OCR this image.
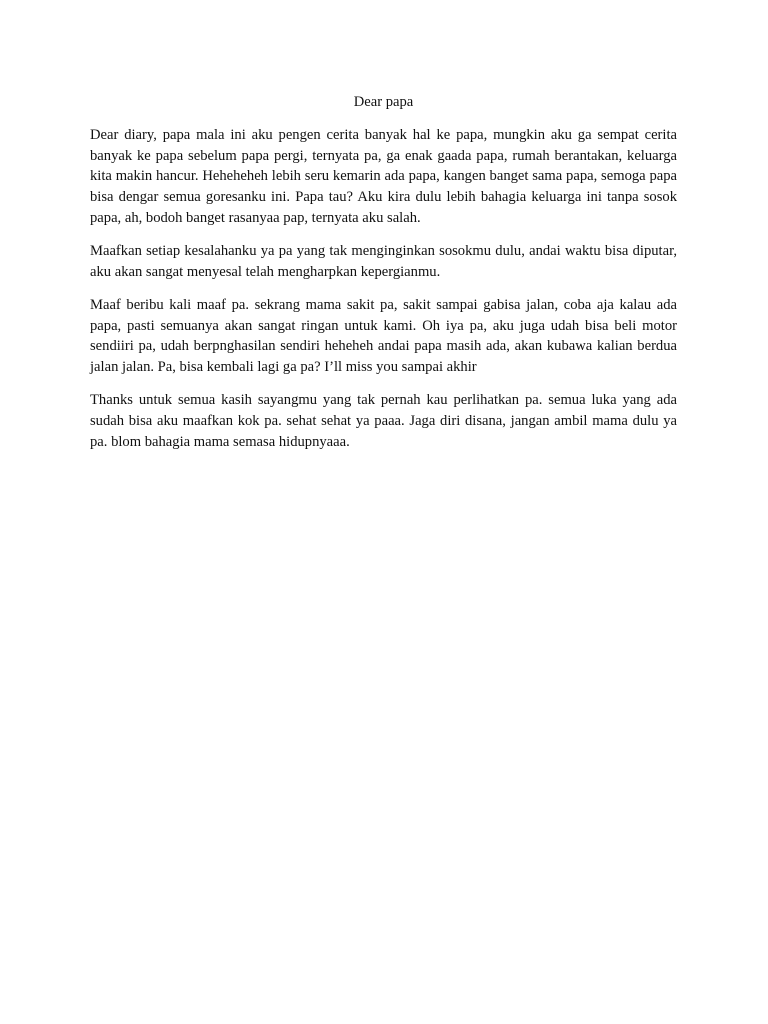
Dear papa

Dear diary, papa mala ini aku pengen cerita banyak hal ke papa, mungkin aku ga sempat cerita banyak ke papa sebelum papa pergi, ternyata pa, ga enak gaada papa, rumah berantakan, keluarga kita makin hancur. Heheheheh lebih seru kemarin ada papa, kangen banget sama papa, semoga papa bisa dengar semua goresanku ini. Papa tau? Aku kira dulu lebih bahagia keluarga ini tanpa sosok papa, ah, bodoh banget rasanyaa pap, ternyata aku salah.

Maafkan setiap kesalahanku ya pa yang tak menginginkan sosokmu dulu, andai waktu bisa diputar, aku akan sangat menyesal telah mengharpkan kepergianmu.

Maaf beribu kali maaf pa. sekrang mama sakit pa, sakit sampai gabisa jalan, coba aja kalau ada papa, pasti semuanya akan sangat ringan untuk kami. Oh iya pa, aku juga udah bisa beli motor sendiiri pa, udah berpnghasilan sendiri heheheh andai papa masih ada, akan kubawa kalian berdua jalan jalan. Pa, bisa kembali lagi ga pa? I’ll miss you sampai akhir

Thanks untuk semua kasih sayangmu yang tak pernah kau perlihatkan pa. semua luka yang ada sudah bisa aku maafkan kok pa. sehat sehat ya paaa. Jaga diri disana, jangan ambil mama dulu ya pa. blom bahagia mama semasa hidupnyaaa.
